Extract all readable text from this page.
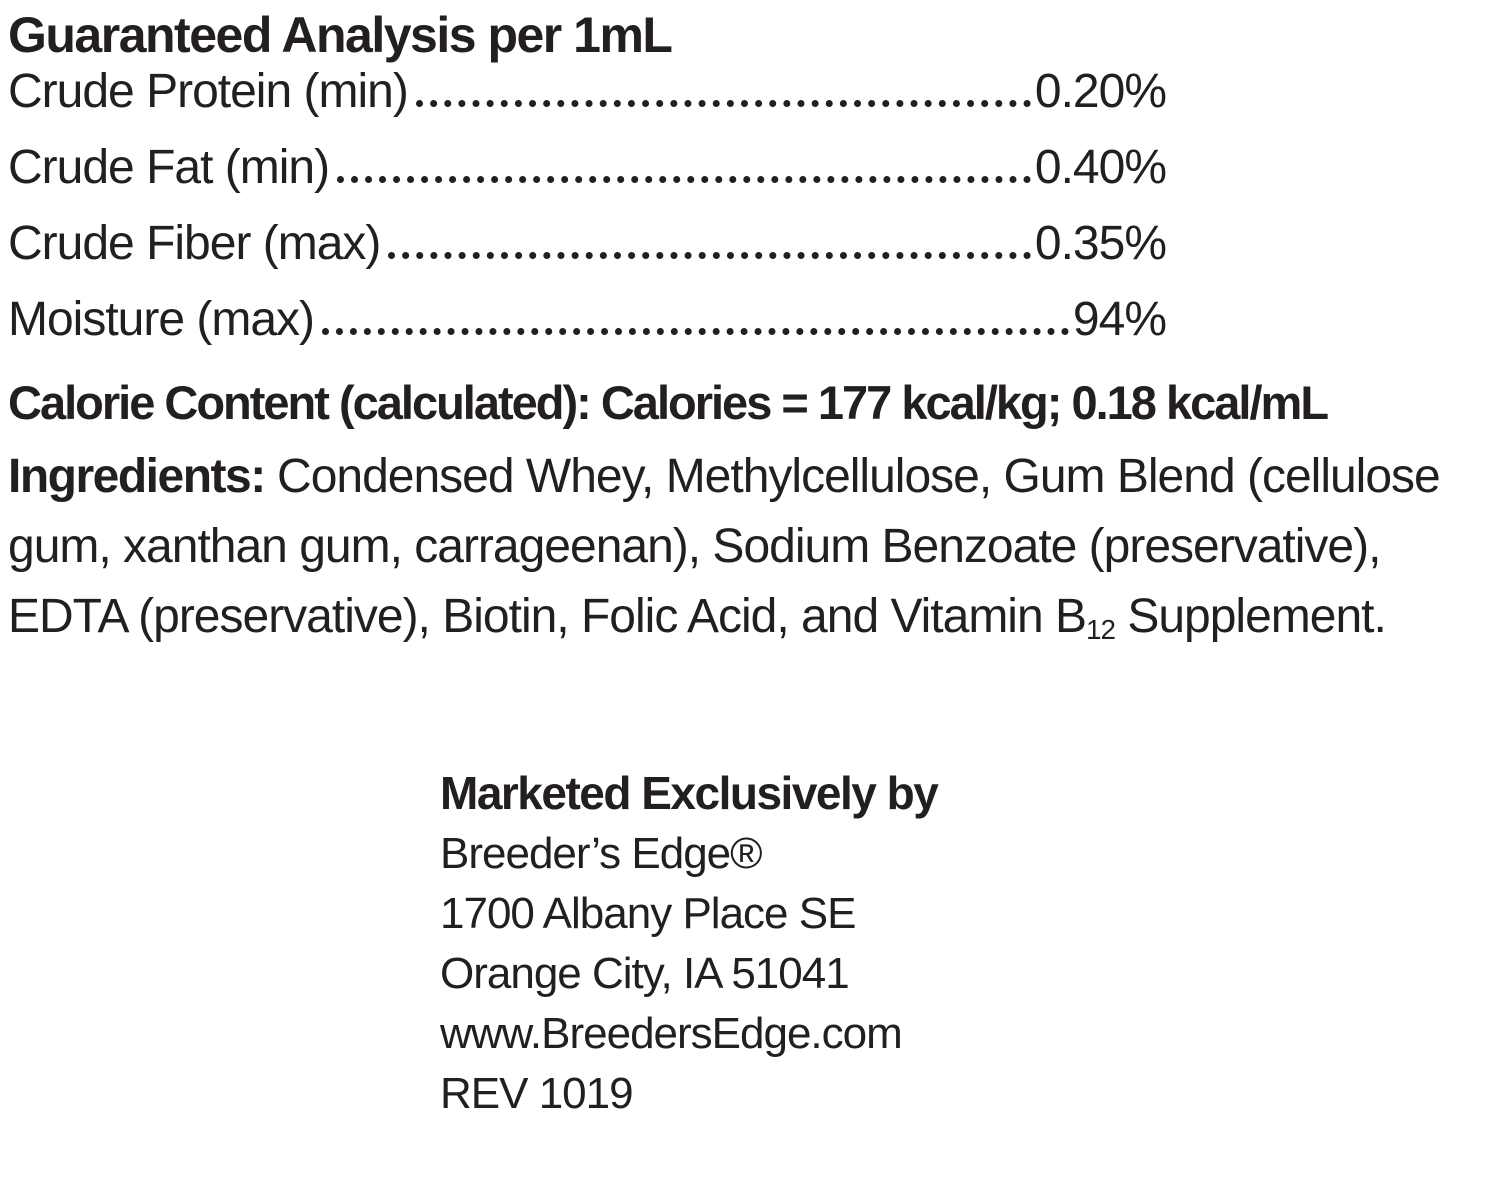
Guaranteed Analysis per 1mL
Crude Protein (min)	0.20%
Crude Fat (min)	0.40%
Crude Fiber (max)	0.35%
Moisture (max)	94%

Calorie Content (calculated): Calories = 177 kcal/kg; 0.18 kcal/mL

Ingredients: Condensed Whey, Methylcellulose, Gum Blend (cellulose gum, xanthan gum, carrageenan), Sodium Benzoate (preservative), EDTA (preservative), Biotin, Folic Acid, and Vitamin $B_{12}$ Supplement.

Marketed Exclusively by

Breeder’s Edge®

1700 Albany Place SE

Orange City, IA 51041

www.BreedersEdge.com

REV 1019
